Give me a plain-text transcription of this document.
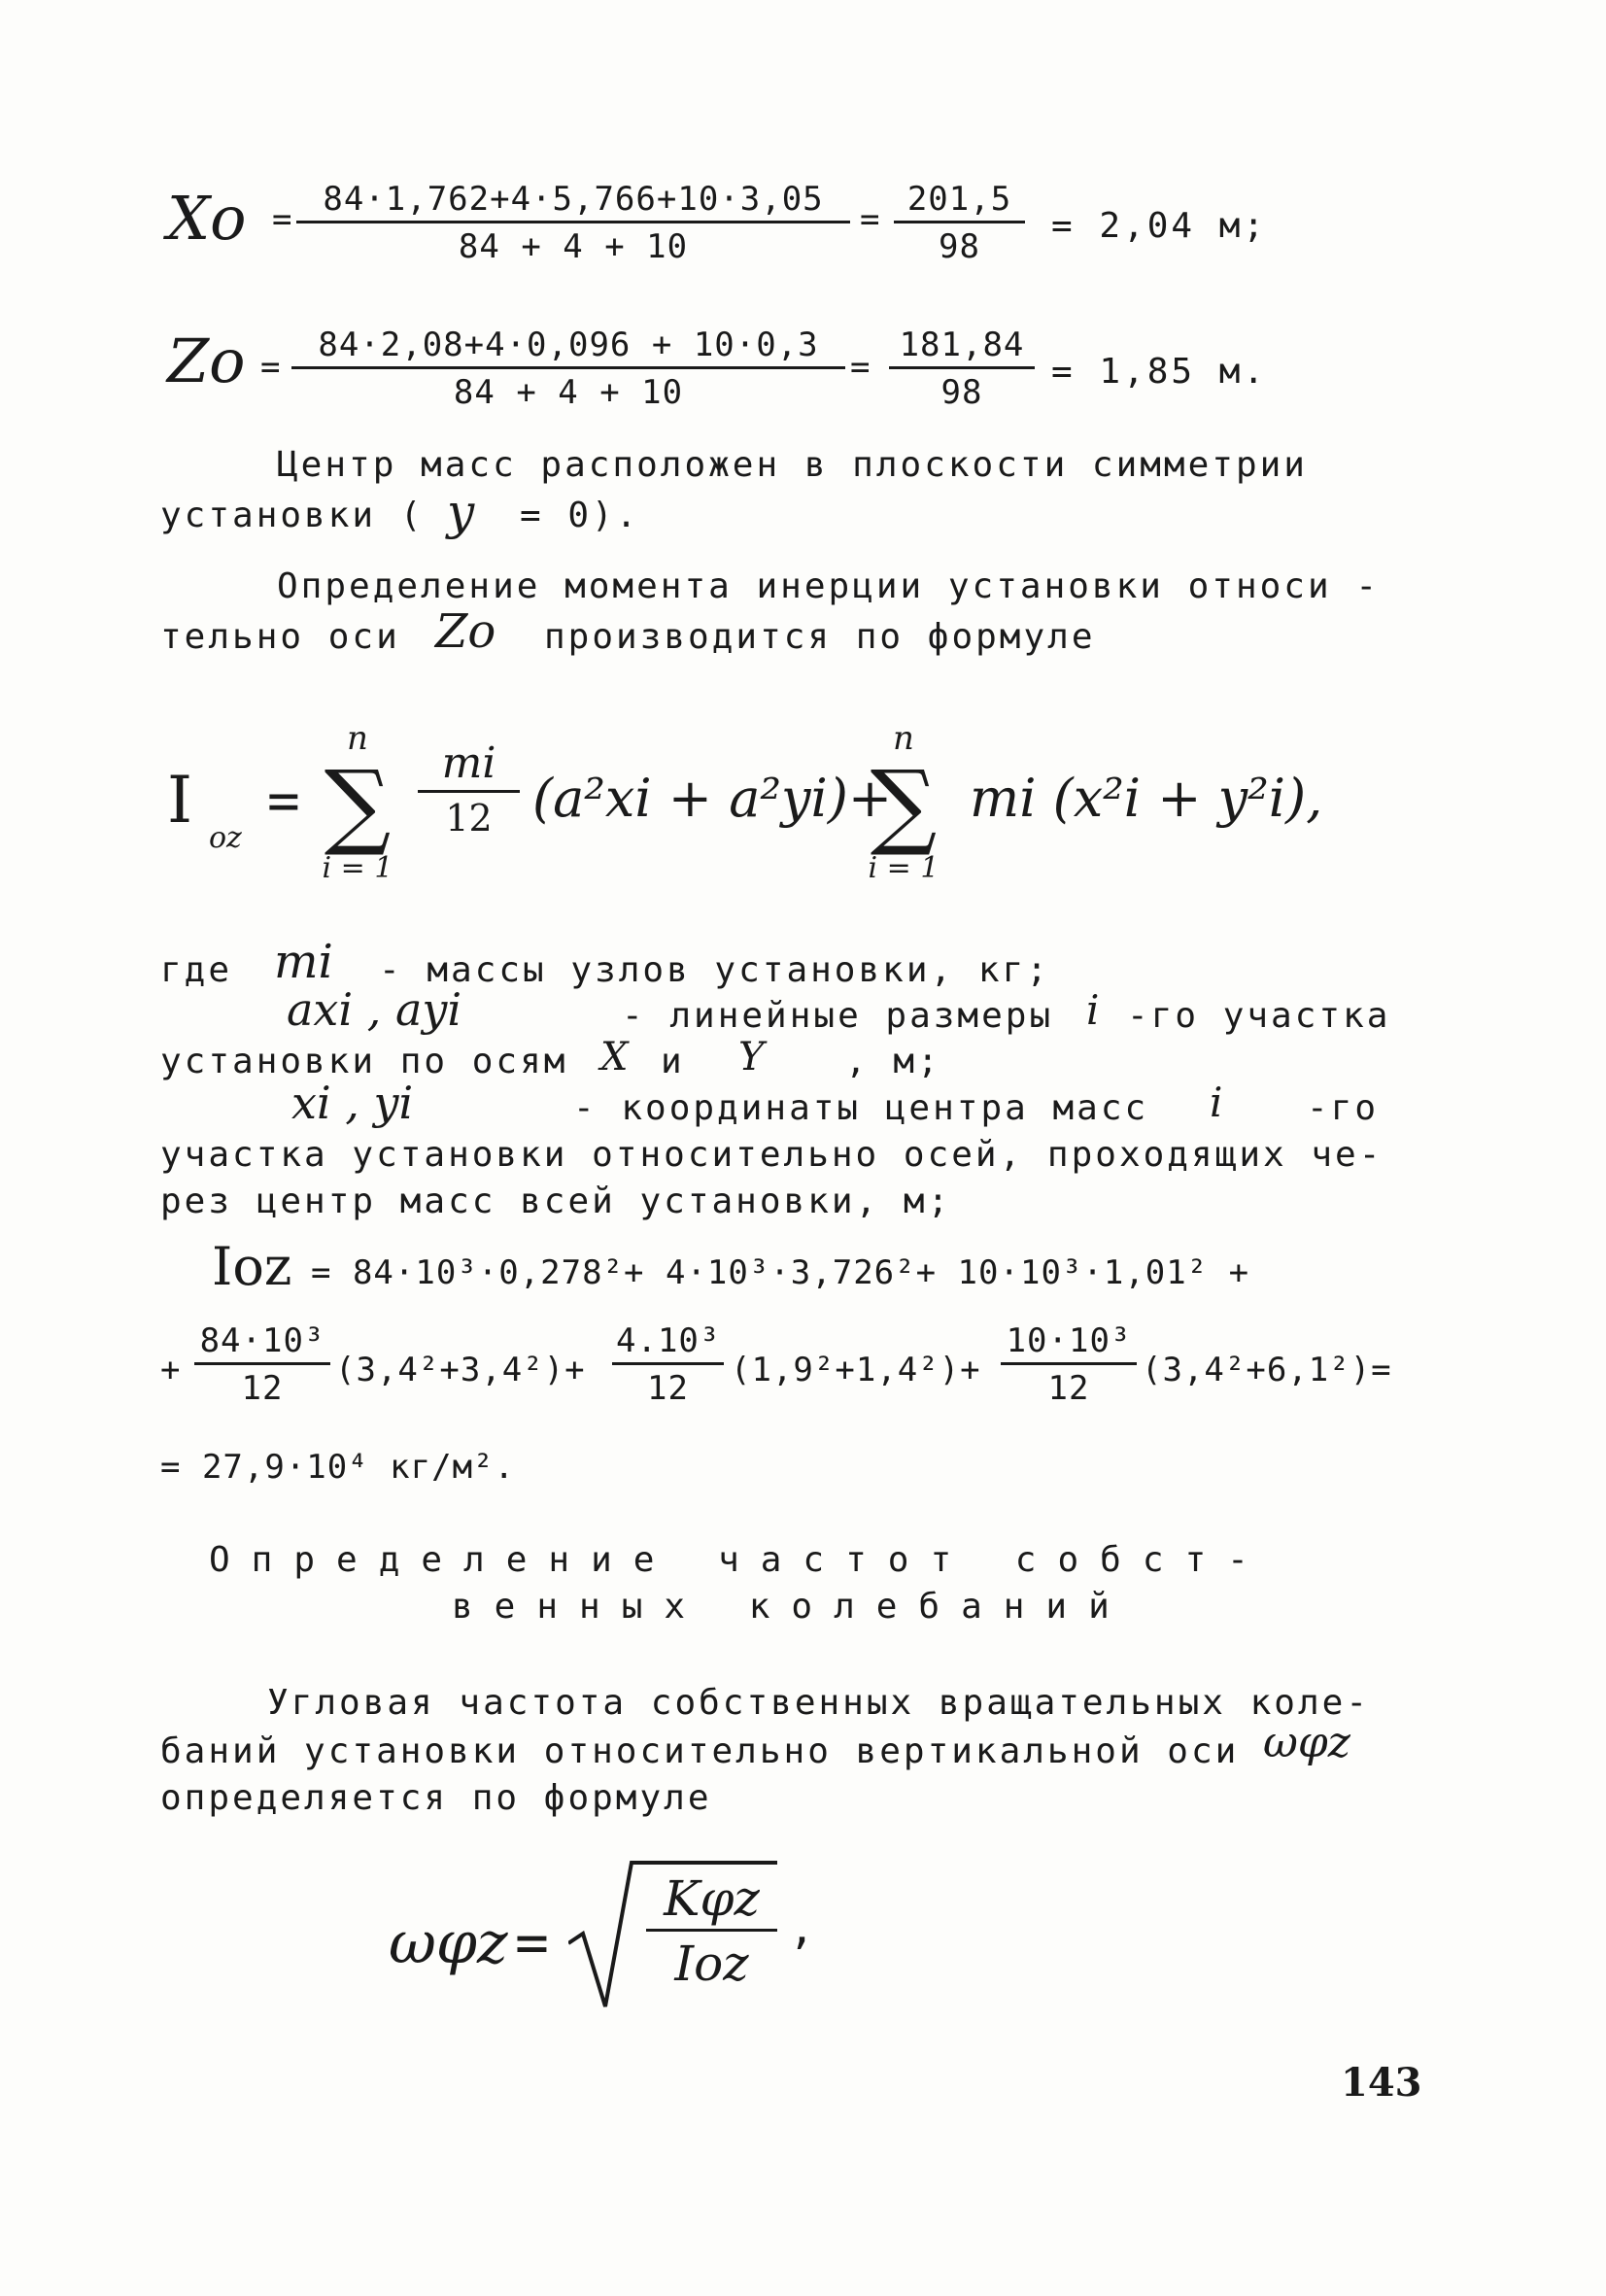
$Xo = \frac{84\cdot 1,762+4\cdot 5,766+10\cdot 3,05}{84 + 4 + 10} = \frac{201,5}{98} = 2,04$ м;
$Zo = \frac{84\cdot 2,08+4\cdot 0,096 + 10\cdot 0,3}{84 + 4 + 10} = \frac{181,84}{98} = 1,85$ м.
Центр масс расположен в плоскости симметрии
установки ( y = 0).
Определение момента инерции установки относи -
тельно оси Zo производится по формуле
I
oz
=
n
∑
i = 1
$\frac{mi}{12} (a^2xi + a^2yi)+$
n
∑
i = 1
mi (x²i + y²i),
где mi - массы узлов установки, кг;
axi , ayi	- линейные размеры i -го участка
установки по осям X и Y , м;
xi , yi	- координаты центра масс i -го
участка установки относительно осей, проходящих че-
рез центр масс всей установки, м;
Ioz = 84·10³·0,278²+ 4·10³·3,726²+ 10·10³·1,01² +
+ $\frac{\text{84·10³}}{12} (3,4^2+3,4^2)+ \frac{\text{4.10³}}{12} (1,9^2+1,4^2)+ \frac{\text{10·10³}}{12} (3,4^2+6,1^2)=$
= 27,9·10⁴ кг/м².
Определение частот собст-
венных колебаний
Угловая частота собственных вращательных коле-
баний установки относительно вертикальной оси ωφz
определяется по формуле
ωφz =
Kφz
Ioz
,
143
